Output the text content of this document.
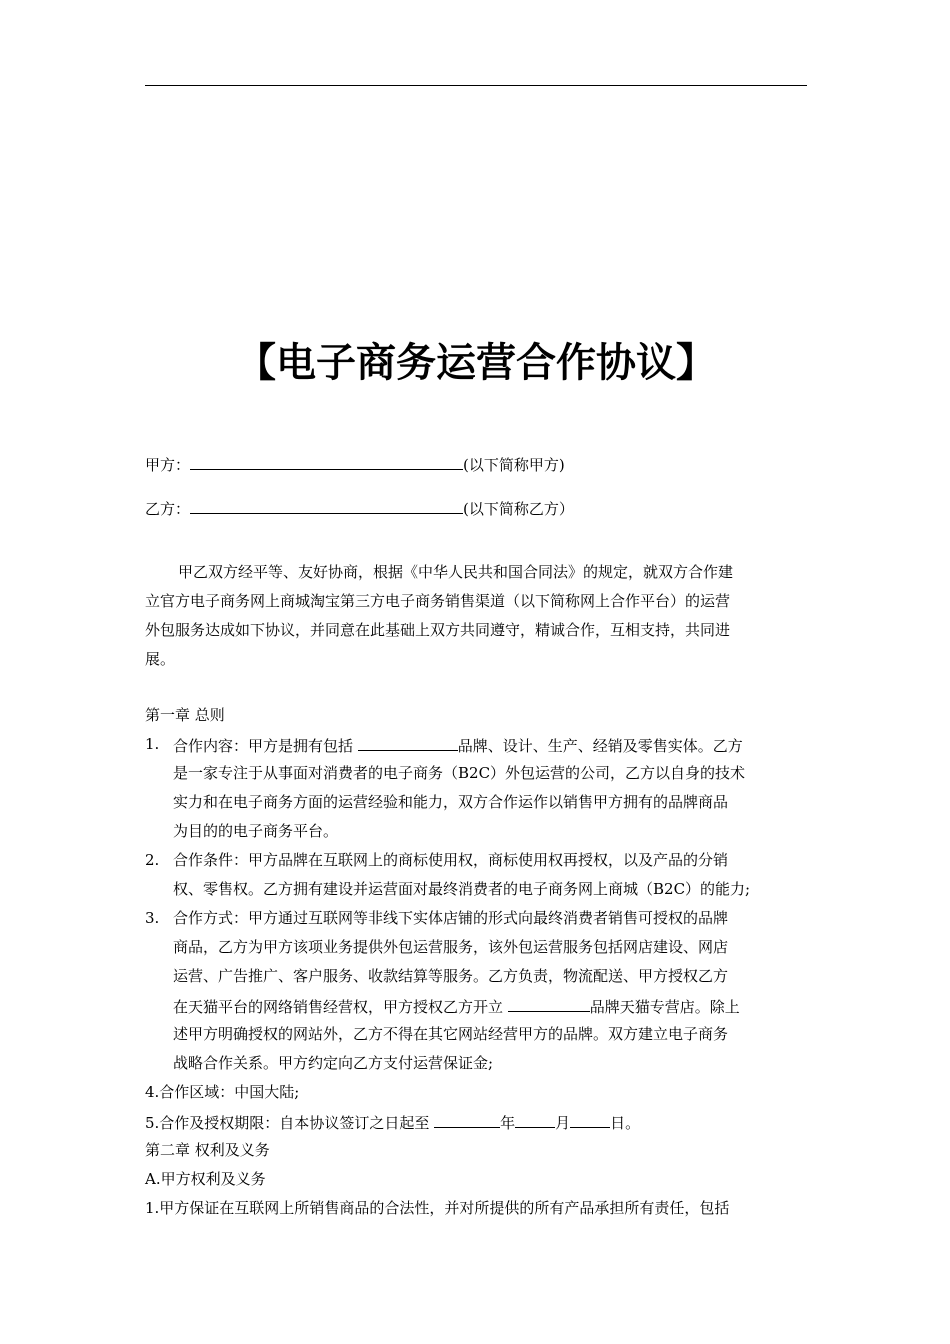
【电子商务运营合作协议】
甲方：	(以下简称甲方)
乙方：	(以下简称乙方）
甲乙双方经平等、友好协商，根据《中华人民共和国合同法》的规定，就双方合作建
立官方电子商务网上商城淘宝第三方电子商务销售渠道（以下简称网上合作平台）的运营
外包服务达成如下协议，并同意在此基础上双方共同遵守，精诚合作，互相支持，共同进
展。
第一章 总则
1. 合作内容：甲方是拥有包括	品牌、设计、生产、经销及零售实体。乙方
是一家专注于从事面对消费者的电子商务（B2C）外包运营的公司，乙方以自身的技术
实力和在电子商务方面的运营经验和能力，双方合作运作以销售甲方拥有的品牌商品
为目的的电子商务平台。
2. 合作条件：甲方品牌在互联网上的商标使用权，商标使用权再授权，以及产品的分销
权、零售权。乙方拥有建设并运营面对最终消费者的电子商务网上商城（B2C）的能力;
3. 合作方式：甲方通过互联网等非线下实体店铺的形式向最终消费者销售可授权的品牌
商品，乙方为甲方该项业务提供外包运营服务，该外包运营服务包括网店建设、网店
运营、广告推广、客户服务、收款结算等服务。乙方负责，物流配送、甲方授权乙方
在天猫平台的网络销售经营权，甲方授权乙方开立	品牌天猫专营店。除上
述甲方明确授权的网站外，乙方不得在其它网站经营甲方的品牌。双方建立电子商务
战略合作关系。甲方约定向乙方支付运营保证金;
4.合作区域：中国大陆;
5.合作及授权期限：自本协议签订之日起至	年	月	日。
第二章 权利及义务
A.甲方权利及义务
1.甲方保证在互联网上所销售商品的合法性，并对所提供的所有产品承担所有责任，包括
